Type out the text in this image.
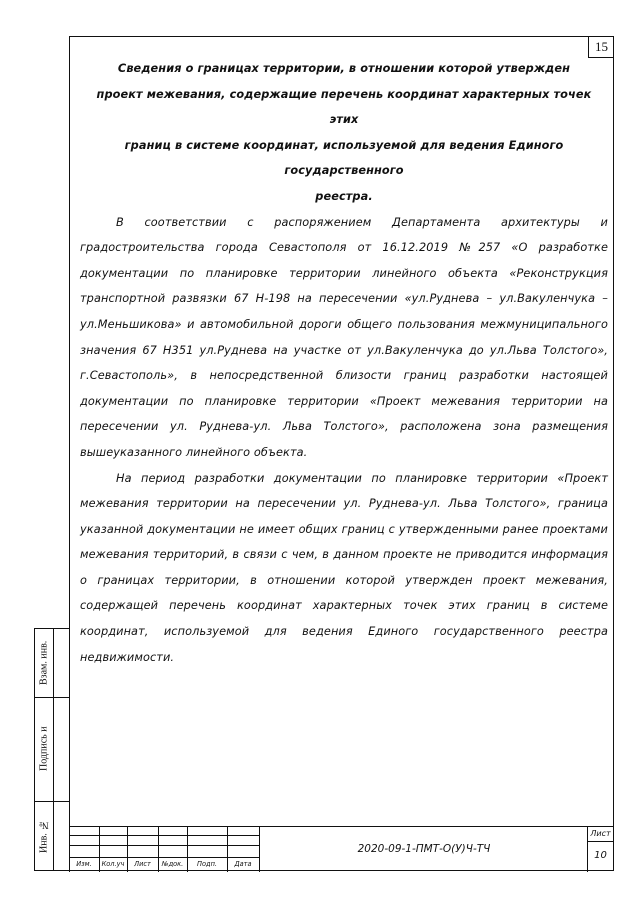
15

Сведения о границах территории, в отношении которой утвержден
проект межевания, содержащие перечень координат характерных точек этих
границ в системе координат, используемой для ведения Единого государственного
реестра.

В соответствии с распоряжением Департамента архитектуры и градостроительства города Севастополя от 16.12.2019 №257 «О разработке документации по планировке территории линейного объекта «Реконструкция транспортной развязки 67 Н-198 на пересечении «ул.Руднева – ул.Вакуленчука – ул.Меньшикова» и автомобильной дороги общего пользования межмуниципального значения 67 Н351 ул.Руднева на участке от ул.Вакуленчука до ул.Льва Толстого», г.Севастополь», в непосредственной близости границ разработки настоящей документации по планировке территории «Проект межевания территории на пересечении ул. Руднева-ул. Льва Толстого», расположена зона размещения вышеуказанного линейного объекта.

На период разработки документации по планировке территории «Проект межевания территории на пересечении ул. Руднева-ул. Льва Толстого», граница указанной документации не имеет общих границ с утвержденными ранее проектами межевания территорий, в связи с чем, в данном проекте не приводится информация о границах территории, в отношении которой утвержден проект межевания, содержащей перечень координат характерных точек этих границ в системе координат, используемой для ведения Единого государственного реестра недвижимости.

Взам. инв.
Подпись и
Инв. №
Изм.	Кол.уч	Лист	№док.	Подп.	Дата
2020-09-1-ПМТ-О(У)Ч-ТЧ
Лист
10
